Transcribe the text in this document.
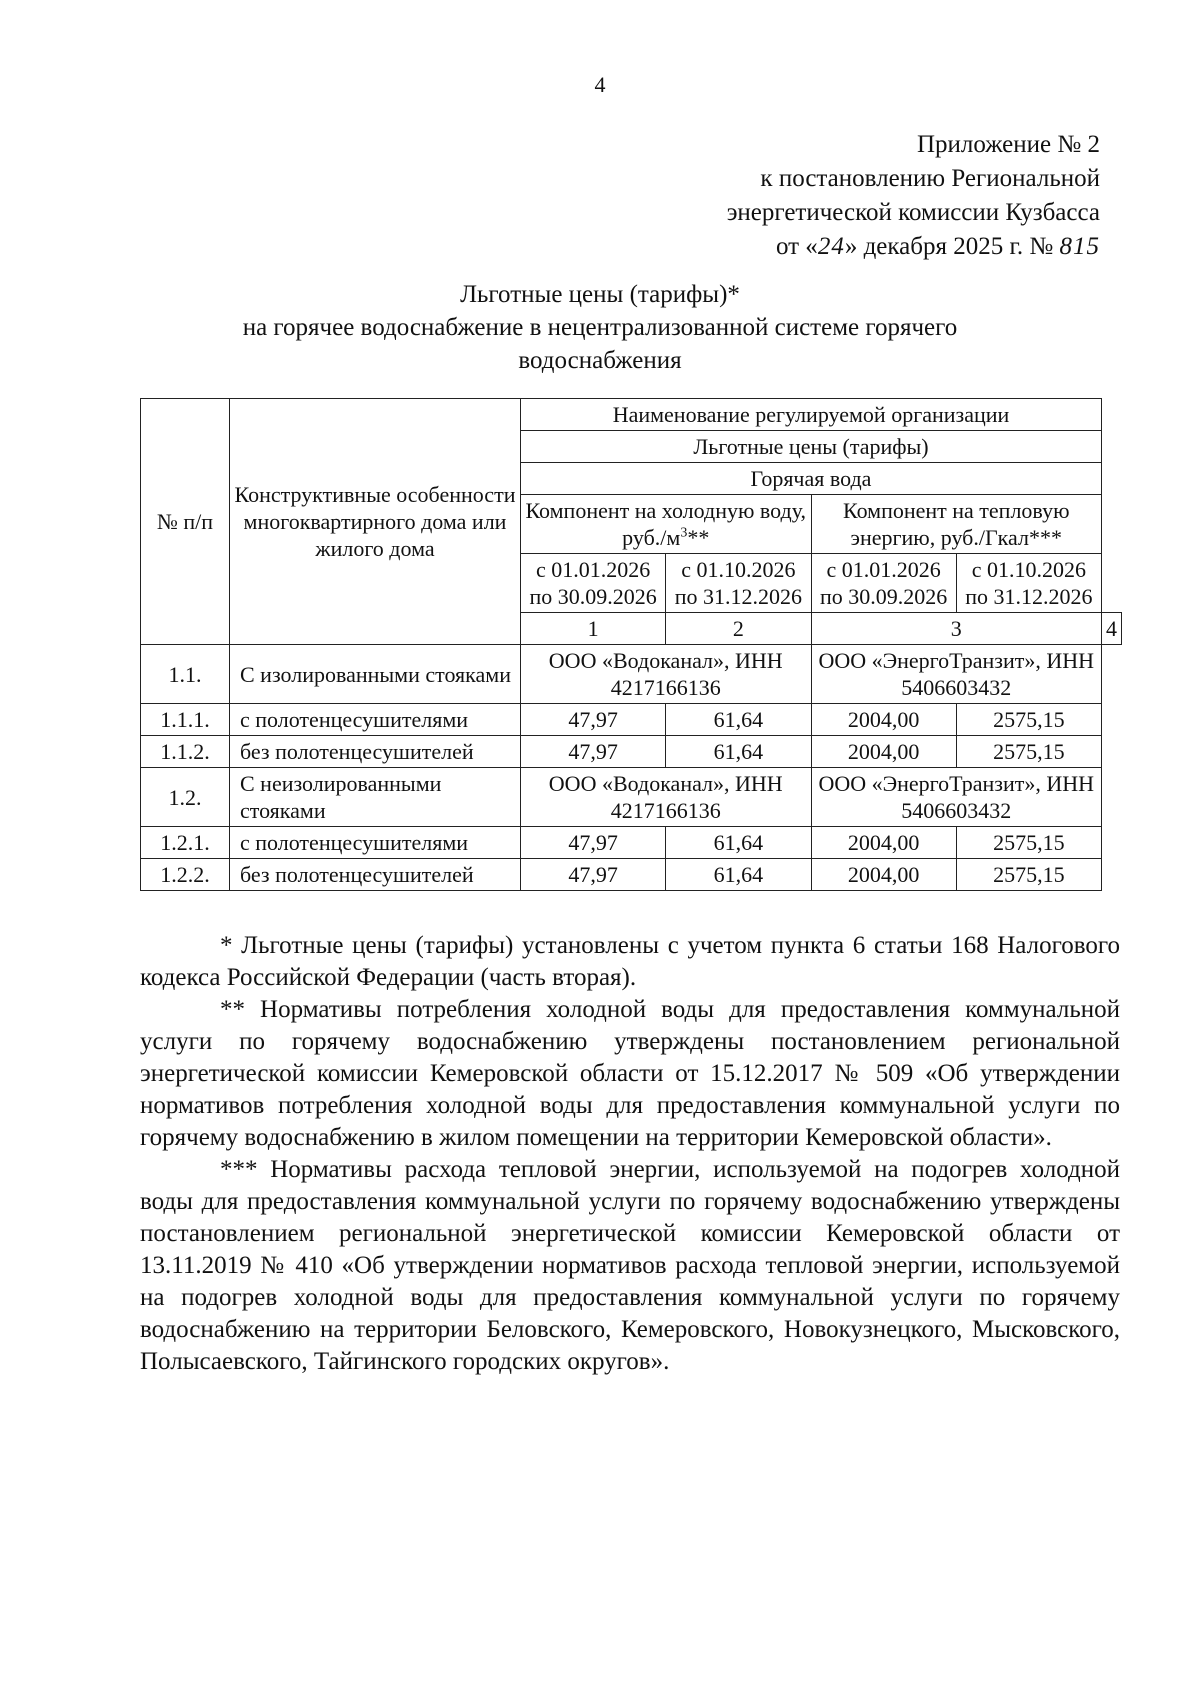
4
Приложение № 2
к постановлению Региональной
энергетической комиссии Кузбасса
от «24» декабря 2025 г. № 815
Льготные цены (тарифы)*
на горячее водоснабжение в нецентрализованной системе горячего
водоснабжения
№ п/п	Конструктивные особенности многоквартирного дома или жилого дома	Наименование регулируемой организации				
		Льготные цены (тарифы)				
		Горячая вода				
		Компонент на холодную воду, $руб./м^3**$		Компонент на тепловую энергию, руб./Гкал***		
		с 01.01.2026 по 30.09.2026	с 01.10.2026 по 31.12.2026	с 01.01.2026 по 30.09.2026	с 01.10.2026 по 31.12.2026	
		1	2	3		4
1.1.	С изолированными стояками	ООО «Водоканал», ИНН 4217166136		ООО «ЭнергоТранзит», ИНН 5406603432		
1.1.1.	с полотенцесушителями	47,97	61,64	2004,00	2575,15	
1.1.2.	без полотенцесушителей	47,97	61,64	2004,00	2575,15	
1.2.	С неизолированными стояками	ООО «Водоканал», ИНН 4217166136		ООО «ЭнергоТранзит», ИНН 5406603432		
1.2.1.	с полотенцесушителями	47,97	61,64	2004,00	2575,15	
1.2.2.	без полотенцесушителей	47,97	61,64	2004,00	2575,15	

* Льготные цены (тарифы) установлены с учетом пункта 6 статьи 168 Налогового кодекса Российской Федерации (часть вторая).

** Нормативы потребления холодной воды для предоставления коммунальной услуги по горячему водоснабжению утверждены постановлением региональной энергетической комиссии Кемеровской области от 15.12.2017 № 509 «Об утверждении нормативов потребления холодной воды для предоставления коммунальной услуги по горячему водоснабжению в жилом помещении на территории Кемеровской области».

*** Нормативы расхода тепловой энергии, используемой на подогрев холодной воды для предоставления коммунальной услуги по горячему водоснабжению утверждены постановлением региональной энергетической комиссии Кемеровской области от 13.11.2019 № 410 «Об утверждении нормативов расхода тепловой энергии, используемой на подогрев холодной воды для предоставления коммунальной услуги по горячему водоснабжению на территории Беловского, Кемеровского, Новокузнецкого, Мысковского, Полысаевского, Тайгинского городских округов».
